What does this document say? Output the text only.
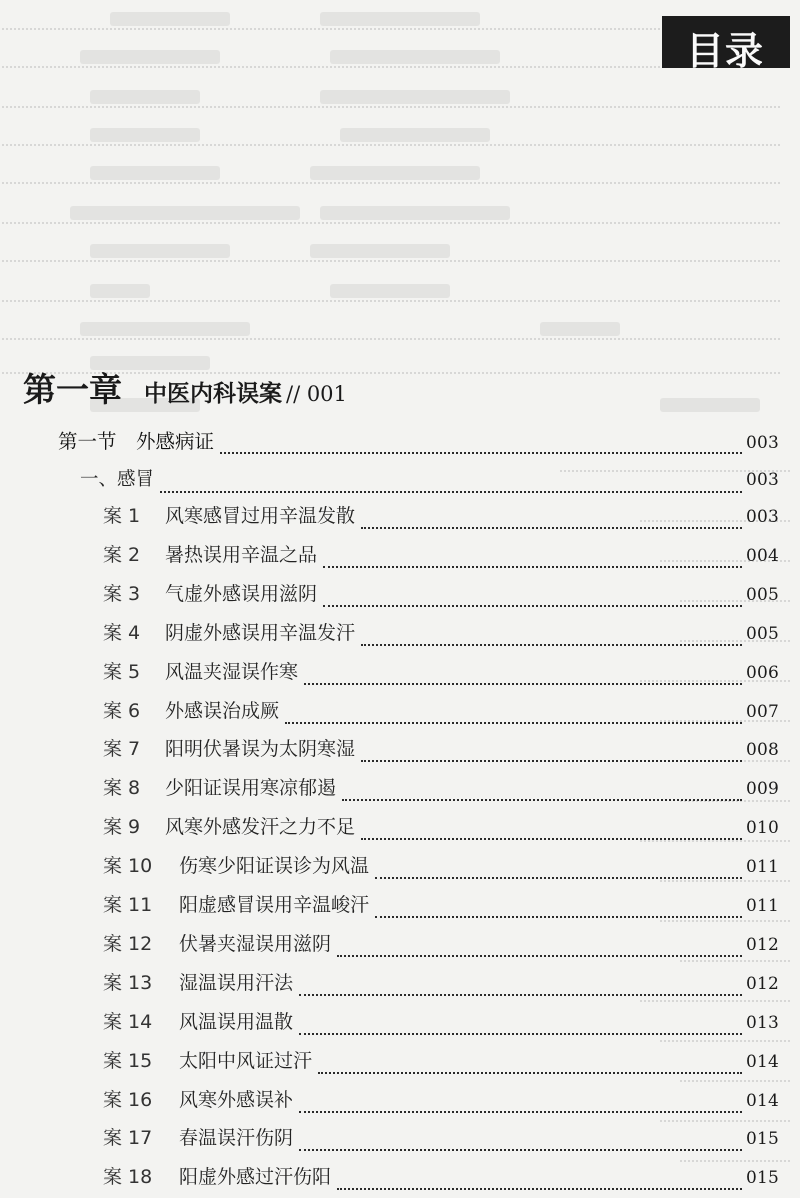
目录
第一章 中医内科误案 // 001
第一节　外感病证	003
一、感冒	003
案 1	风寒感冒过用辛温发散	003
案 2	暑热误用辛温之品	004
案 3	气虚外感误用滋阴	005
案 4	阴虚外感误用辛温发汗	005
案 5	风温夹湿误作寒	006
案 6	外感误治成厥	007
案 7	阳明伏暑误为太阴寒湿	008
案 8	少阳证误用寒凉郁遏	009
案 9	风寒外感发汗之力不足	010
案 10	伤寒少阳证误诊为风温	011
案 11	阳虚感冒误用辛温峻汗	011
案 12	伏暑夹湿误用滋阴	012
案 13	湿温误用汗法	012
案 14	风温误用温散	013
案 15	太阳中风证过汗	014
案 16	风寒外感误补	014
案 17	春温误汗伤阴	015
案 18	阳虚外感过汗伤阳	015
